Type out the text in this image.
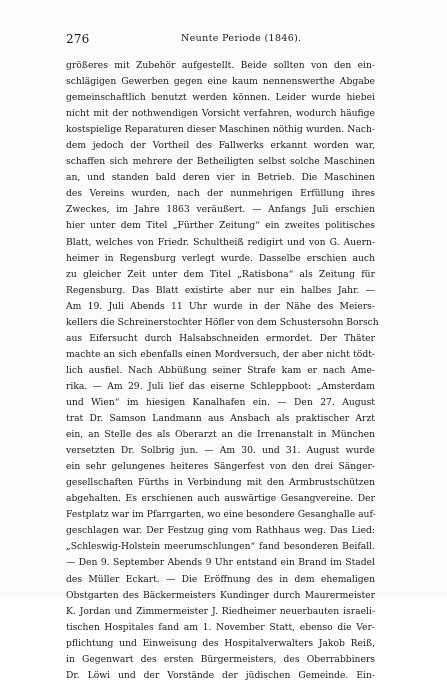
276	Neunte Periode (1846).
größeres mit Zubehör aufgestellt. Beide sollten von den ein-
schlägigen Gewerben gegen eine kaum nennenswerthe Abgabe
gemeinschaftlich benutzt werden können. Leider wurde hiebei
nicht mit der nothwendigen Vorsicht verfahren, wodurch häufige
kostspielige Reparaturen dieser Maschinen nöthig wurden. Nach-
dem jedoch der Vortheil des Fallwerks erkannt worden war,
schaffen sich mehrere der Betheiligten selbst solche Maschinen
an, und standen bald deren vier in Betrieb. Die Maschinen
des Vereins wurden, nach der nunmehrigen Erfüllung ihres
Zweckes, im Jahre 1863 veräußert. — Anfangs Juli erschien
hier unter dem Titel „Fürther Zeitung“ ein zweites politisches
Blatt, welches von Friedr. Schultheiß redigirt und von G. Auern-
heimer in Regensburg verlegt wurde. Dasselbe erschien auch
zu gleicher Zeit unter dem Titel „Ratisbona“ als Zeitung für
Regensburg. Das Blatt existirte aber nur ein halbes Jahr. —
Am 19. Juli Abends 11 Uhr wurde in der Nähe des Meiers-
kellers die Schreinerstochter Höfler von dem Schustersohn Borsch
aus Eifersucht durch Halsabschneiden ermordet. Der Thäter
machte an sich ebenfalls einen Mordversuch, der aber nicht tödt-
lich ausfiel. Nach Abbüßung seiner Strafe kam er nach Ame-
rika. — Am 29. Juli lief das eiserne Schleppboot: „Amsterdam
und Wien“ im hiesigen Kanalhafen ein. — Den 27. August
trat Dr. Samson Landmann aus Ansbach als praktischer Arzt
ein, an Stelle des als Oberarzt an die Irrenanstalt in München
versetzten Dr. Solbrig jun. — Am 30. und 31. August wurde
ein sehr gelungenes heiteres Sängerfest von den drei Sänger-
gesellschaften Fürths in Verbindung mit den Armbrustschützen
abgehalten. Es erschienen auch auswärtige Gesangvereine. Der
Festplatz war im Pfarrgarten, wo eine besondere Gesanghalle auf-
geschlagen war. Der Festzug ging vom Rathhaus weg. Das Lied:
„Schleswig-Holstein meerumschlungen“ fand besonderen Beifall.
— Den 9. September Abends 9 Uhr entstand ein Brand im Stadel
des Müller Eckart. — Die Eröffnung des in dem ehemaligen
Obstgarten des Bäckermeisters Kundinger durch Maurermeister
K. Jordan und Zimmermeister J. Riedheimer neuerbauten israeli-
tischen Hospitales fand am 1. November Statt, ebenso die Ver-
pflichtung und Einweisung des Hospitalverwalters Jakob Reiß,
in Gegenwart des ersten Bürgermeisters, des Oberrabbiners
Dr. Löwi und der Vorstände der jüdischen Gemeinde. Ein-
